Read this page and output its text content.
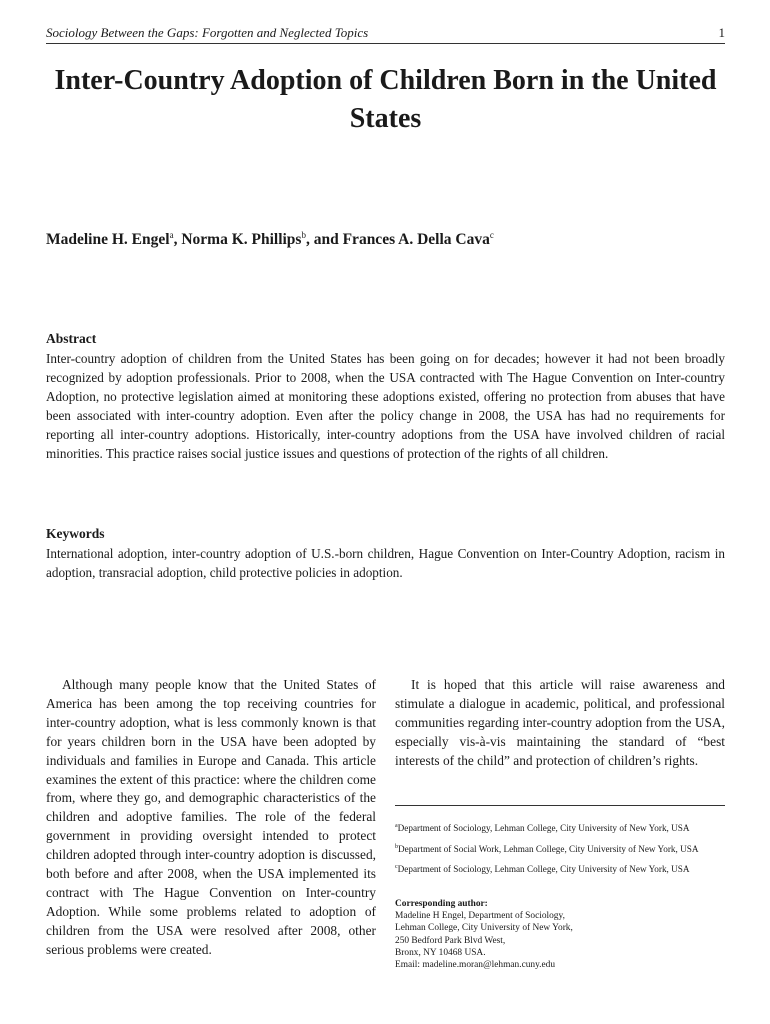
Sociology Between the Gaps: Forgotten and Neglected Topics	1
Inter-Country Adoption of Children Born in the United States
Madeline H. Engel$^a$, Norma K. Phillips$^b$, and Frances A. Della Cava$^c$
Abstract

Inter-country adoption of children from the United States has been going on for decades; however it had not been broadly recognized by adoption professionals. Prior to 2008, when the USA contracted with The Hague Convention on Inter-country Adoption, no protective legislation aimed at monitoring these adoptions existed, offering no protection from abuses that have been associated with inter-country adoption. Even after the policy change in 2008, the USA has had no requirements for reporting all inter-country adoptions. Historically, inter-country adoptions from the USA have involved children of racial minorities. This practice raises social justice issues and questions of protection of the rights of all children.

Keywords

International adoption, inter-country adoption of U.S.-born children, Hague Convention on Inter-Country Adoption, racism in adoption, transracial adoption, child protective policies in adoption.

Although many people know that the United States of America has been among the top receiving countries for inter-country adoption, what is less commonly known is that for years children born in the USA have been adopted by individuals and families in Europe and Canada. This article examines the extent of this practice: where the children come from, where they go, and demographic characteristics of the children and adoptive families. The role of the federal government in providing oversight intended to protect children adopted through inter-country adoption is discussed, both before and after 2008, when the USA implemented its contract with The Hague Convention on Inter-country Adoption. While some problems related to adoption of children from the USA were resolved after 2008, other serious problems were created.

It is hoped that this article will raise awareness and stimulate a dialogue in academic, political, and professional communities regarding inter-country adoption from the USA, especially vis-à-vis maintaining the standard of “best interests of the child” and protection of children’s rights.

$^a$Department of Sociology, Lehman College, City University of New York, USA
$^b$Department of Social Work, Lehman College, City University of New York, USA
$^c$Department of Sociology, Lehman College, City University of New York, USA
Corresponding author:
Madeline H Engel, Department of Sociology,
Lehman College, City University of New York,
250 Bedford Park Blvd West,
Bronx, NY 10468 USA.
Email: madeline.moran@lehman.cuny.edu
